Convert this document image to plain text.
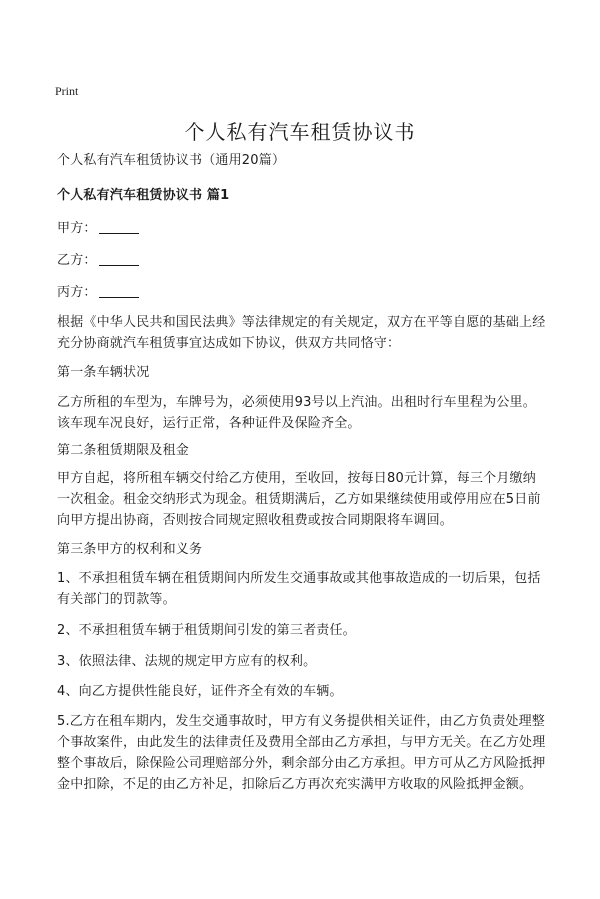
Print
个人私有汽车租赁协议书
个人私有汽车租赁协议书（通用20篇）
个人私有汽车租赁协议书 篇1
甲方：
乙方：
丙方：
根据《中华人民共和国民法典》等法律规定的有关规定，双方在平等自愿的基础上经充分协商就汽车租赁事宜达成如下协议，供双方共同恪守：
第一条车辆状况
乙方所租的车型为，车牌号为，必须使用93号以上汽油。出租时行车里程为公里。该车现车况良好，运行正常，各种证件及保险齐全。
第二条租赁期限及租金
甲方自起，将所租车辆交付给乙方使用，至收回，按每日80元计算，每三个月缴纳一次租金。租金交纳形式为现金。租赁期满后，乙方如果继续使用或停用应在5日前向甲方提出协商，否则按合同规定照收租费或按合同期限将车调回。
第三条甲方的权利和义务
1、不承担租赁车辆在租赁期间内所发生交通事故或其他事故造成的一切后果，包括有关部门的罚款等。
2、不承担租赁车辆于租赁期间引发的第三者责任。
3、依照法律、法规的规定甲方应有的权利。
4、向乙方提供性能良好，证件齐全有效的车辆。
5.乙方在租车期内，发生交通事故时，甲方有义务提供相关证件，由乙方负责处理整个事故案件，由此发生的法律责任及费用全部由乙方承担，与甲方无关。在乙方处理整个事故后，除保险公司理赔部分外，剩余部分由乙方承担。甲方可从乙方风险抵押金中扣除，不足的由乙方补足，扣除后乙方再次充实满甲方收取的风险抵押金额。
